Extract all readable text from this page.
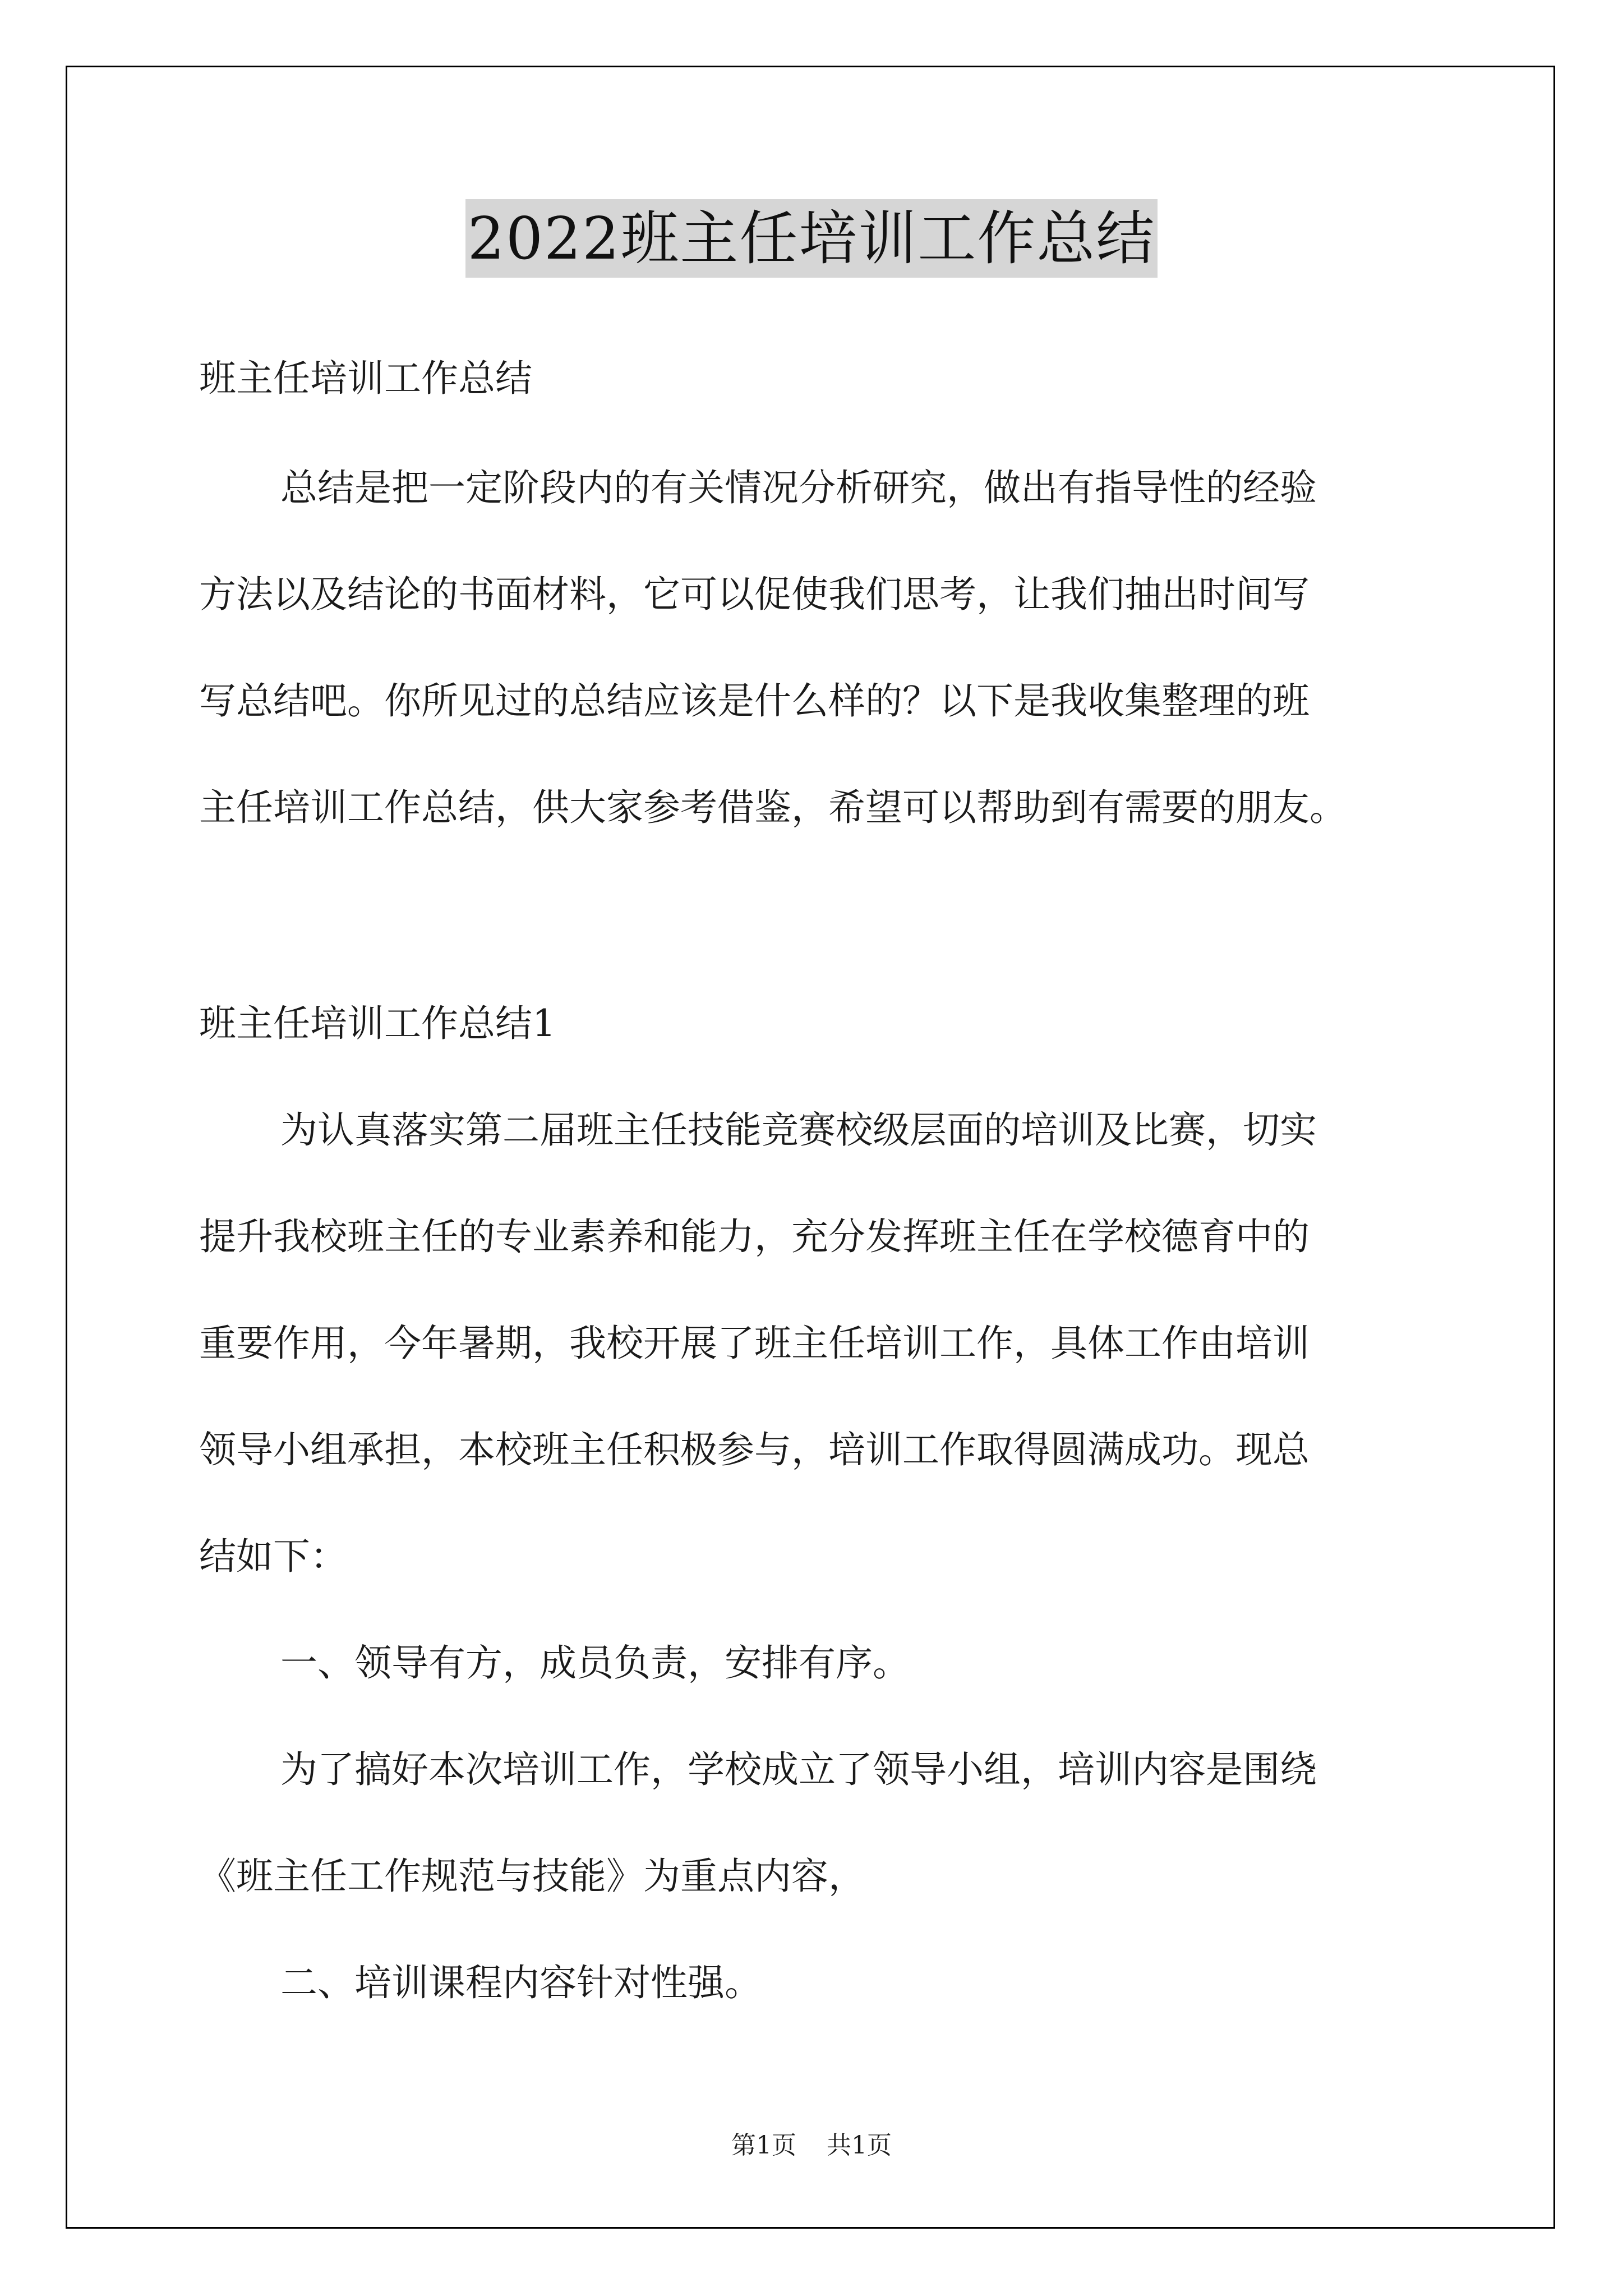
2022班主任培训工作总结
班主任培训工作总结
总结是把一定阶段内的有关情况分析研究，做出有指导性的经验
方法以及结论的书面材料，它可以促使我们思考，让我们抽出时间写
写总结吧。你所见过的总结应该是什么样的？以下是我收集整理的班
主任培训工作总结，供大家参考借鉴，希望可以帮助到有需要的朋友。
班主任培训工作总结1
为认真落实第二届班主任技能竞赛校级层面的培训及比赛，切实
提升我校班主任的专业素养和能力，充分发挥班主任在学校德育中的
重要作用，今年暑期，我校开展了班主任培训工作，具体工作由培训
领导小组承担，本校班主任积极参与，培训工作取得圆满成功。现总
结如下：
一、领导有方，成员负责，安排有序。
为了搞好本次培训工作，学校成立了领导小组，培训内容是围绕
《班主任工作规范与技能》为重点内容，
二、培训课程内容针对性强。
第1页 共1页
